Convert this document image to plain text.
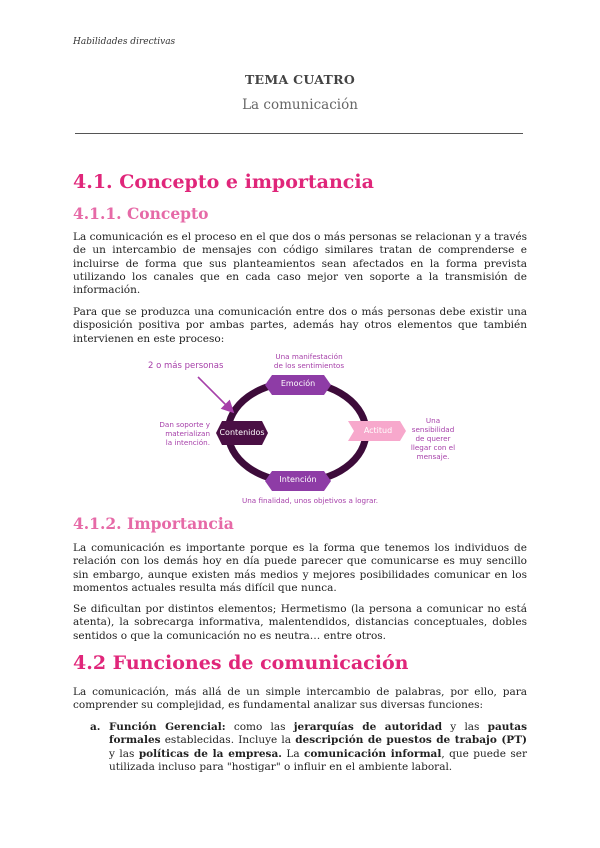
Habilidades directivas
TEMA CUATRO
La comunicación
4.1. Concepto e importancia
4.1.1. Concepto
La comunicación es el proceso en el que dos o más personas se relacionan y a través de un intercambio de mensajes con código similares tratan de comprenderse e incluirse de forma que sus planteamientos sean afectados en la forma prevista utilizando los canales que en cada caso mejor ven soporte a la transmisión de información.
Para que se produzca una comunicación entre dos o más personas debe existir una disposición positiva por ambas partes, además hay otros elementos que también intervienen en este proceso:
2 o más personas
Una manifestación
de los sentimientos
Emoción
Contenidos	Actitud
Intención
Dan soporte y
materializan
la intención.
Una
sensibilidad
de querer
llegar con el
mensaje.
Una finalidad, unos objetivos a lograr.
4.1.2. Importancia
La comunicación es importante porque es la forma que tenemos los individuos de relación con los demás hoy en día puede parecer que comunicarse es muy sencillo sin embargo, aunque existen más medios y mejores posibilidades comunicar en los momentos actuales resulta más difícil que nunca.
Se dificultan por distintos elementos; Hermetismo (la persona a comunicar no está atenta), la sobrecarga informativa, malentendidos, distancias conceptuales, dobles sentidos o que la comunicación no es neutra… entre otros.
4.2 Funciones de comunicación
La comunicación, más allá de un simple intercambio de palabras, por ello, para comprender su complejidad, es fundamental analizar sus diversas funciones:
a. Función Gerencial: como las jerarquías de autoridad y las pautas formales establecidas. Incluye la descripción de puestos de trabajo (PT) y las políticas de la empresa. La comunicación informal, que puede ser utilizada incluso para "hostigar" o influir en el ambiente laboral.
